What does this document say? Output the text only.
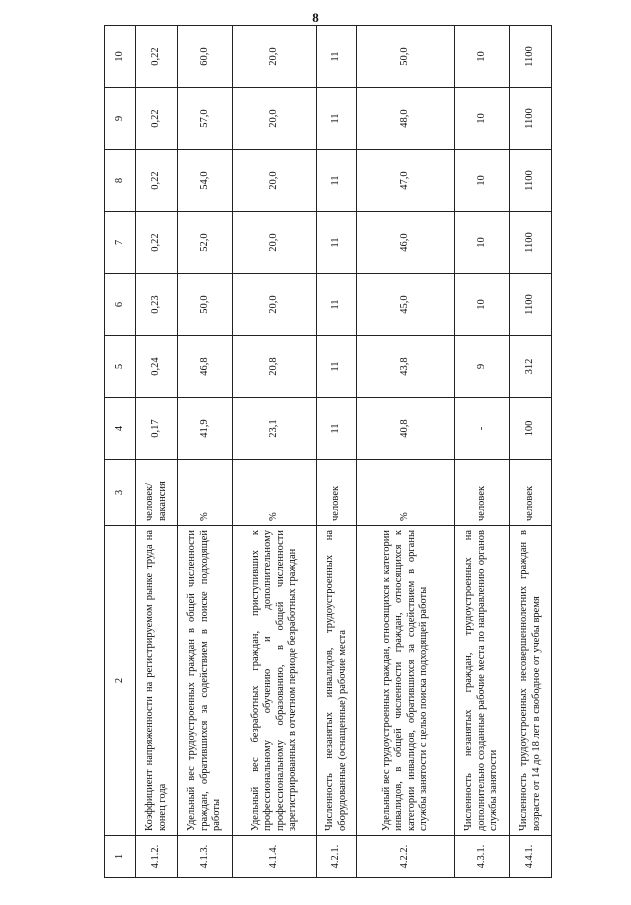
8
1	2	3	4	5	6	7	8	9	10
4.1.2.	Коэффициент напряженности на регистрируемом рынке труда на конец года	человек/ вакансия	0,17	0,24	0,23	0,22	0,22	0,22	0,22
4.1.3.	Удельный вес трудоустроенных граждан в общей численности граждан, обратившихся за содействием в поиске подходящей работы	%	41,9	46,8	50,0	52,0	54,0	57,0	60,0
4.1.4.	Удельный вес безработных граждан, приступивших к профессиональному обучению и дополнительному профессиональному образованию, в общей численности зарегистрированных в отчетном периоде безработных граждан	%	23,1	20,8	20,0	20,0	20,0	20,0	20,0
4.2.1.	Численность незанятых инвалидов, трудоустроенных на оборудованные (оснащенные) рабочие места	человек	11	11	11	11	11	11	11
4.2.2.	Удельный вес трудоустроенных граждан, относящихся к категории инвалидов, в общей численности граждан, относящихся к категории инвалидов, обратившихся за содействием в органы службы занятости с целью поиска подходящей работы	%	40,8	43,8	45,0	46,0	47,0	48,0	50,0
4.3.1.	Численность незанятых граждан, трудоустроенных на дополнительно созданные рабочие места по направлению органов службы занятости	человек	-	9	10	10	10	10	10
4.4.1.	Численность трудоустроенных несовершеннолетних граждан в возрасте от 14 до 18 лет в свободное от учебы время	человек	100	312	1100	1100	1100	1100	1100
